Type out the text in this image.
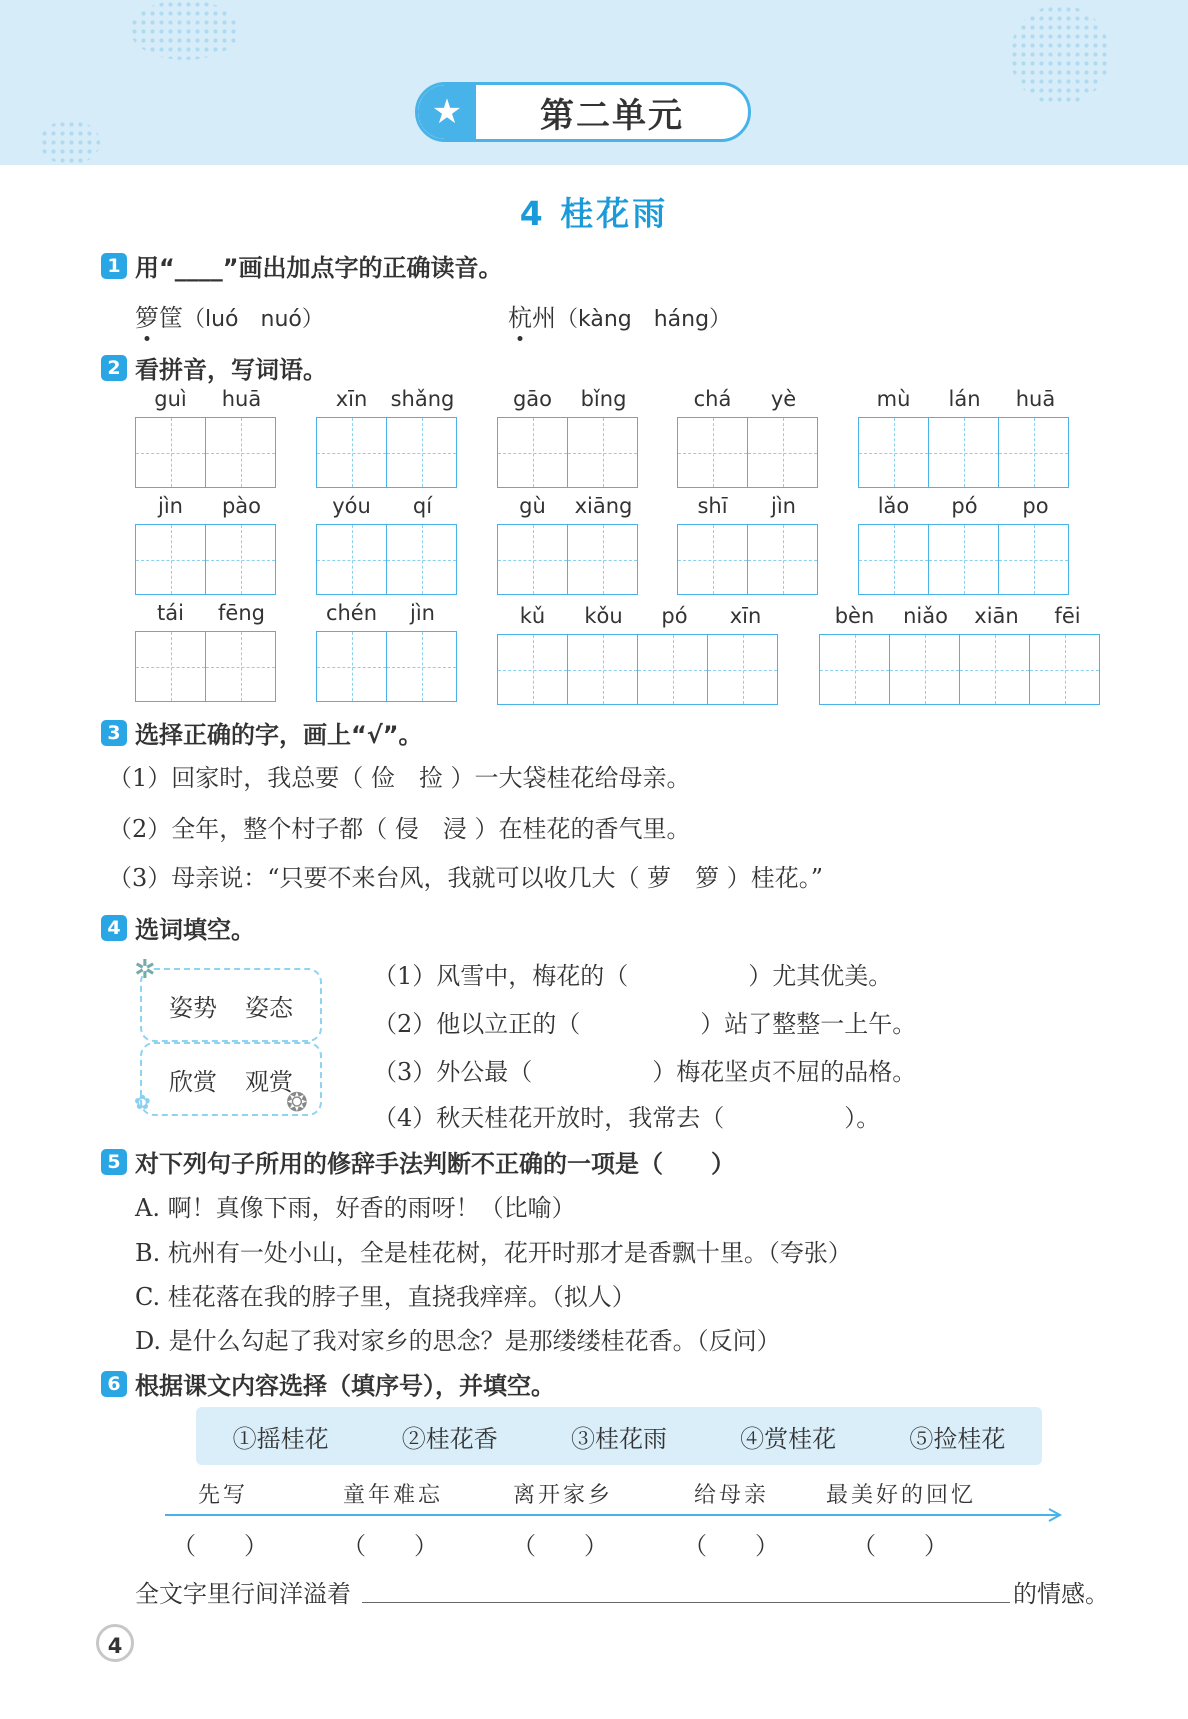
★	第二单元
4 桂花雨
1 用“____”画出加点字的正确读音。
箩筐（luó　nuó）	杭州（kàng　háng）
2 看拼音，写词语。
guì	huā	xīn	shǎng	gāo	bǐng	chá	yè	mù	lán	huā
jìn	pào	yóu	qí	gù	xiāng	shī	jìn	lǎo	pó	po
tái	fēng	chén	jìn	kǔ	kǒu	pó	xīn	bèn	niǎo	xiān	fēi
3 选择正确的字，画上“√”。
（1）回家时，我总要（ 俭　捡 ）一大袋桂花给母亲。
（2）全年，整个村子都（ 侵　浸 ）在桂花的香气里。
（3）母亲说：“只要不来台风，我就可以收几大（ 萝　箩 ）桂花。”
4 选词填空。
姿势 姿态
欣赏 观赏
✲
❂
✿
（1）风雪中，梅花的（　　　　　）尤其优美。
（2）他以立正的（　　　　　）站了整整一上午。
（3）外公最（　　　　　）梅花坚贞不屈的品格。
（4）秋天桂花开放时，我常去（　　　　　）。
5 对下列句子所用的修辞手法判断不正确的一项是（　　）
A. 啊！真像下雨，好香的雨呀！（比喻）
B. 杭州有一处小山，全是桂花树，花开时那才是香飘十里。（夸张）
C. 桂花落在我的脖子里，直挠我痒痒。（拟人）
D. 是什么勾起了我对家乡的思念？是那缕缕桂花香。（反问）
6 根据课文内容选择（填序号），并填空。
①摇桂花	②桂花香	③桂花雨	④赏桂花	⑤捡桂花
先写	童年难忘	离开家乡	给母亲	最美好的回忆
（　　）	（　　）	（　　）	（　　）	（　　）
全文字里行间洋溢着	的情感。
4
